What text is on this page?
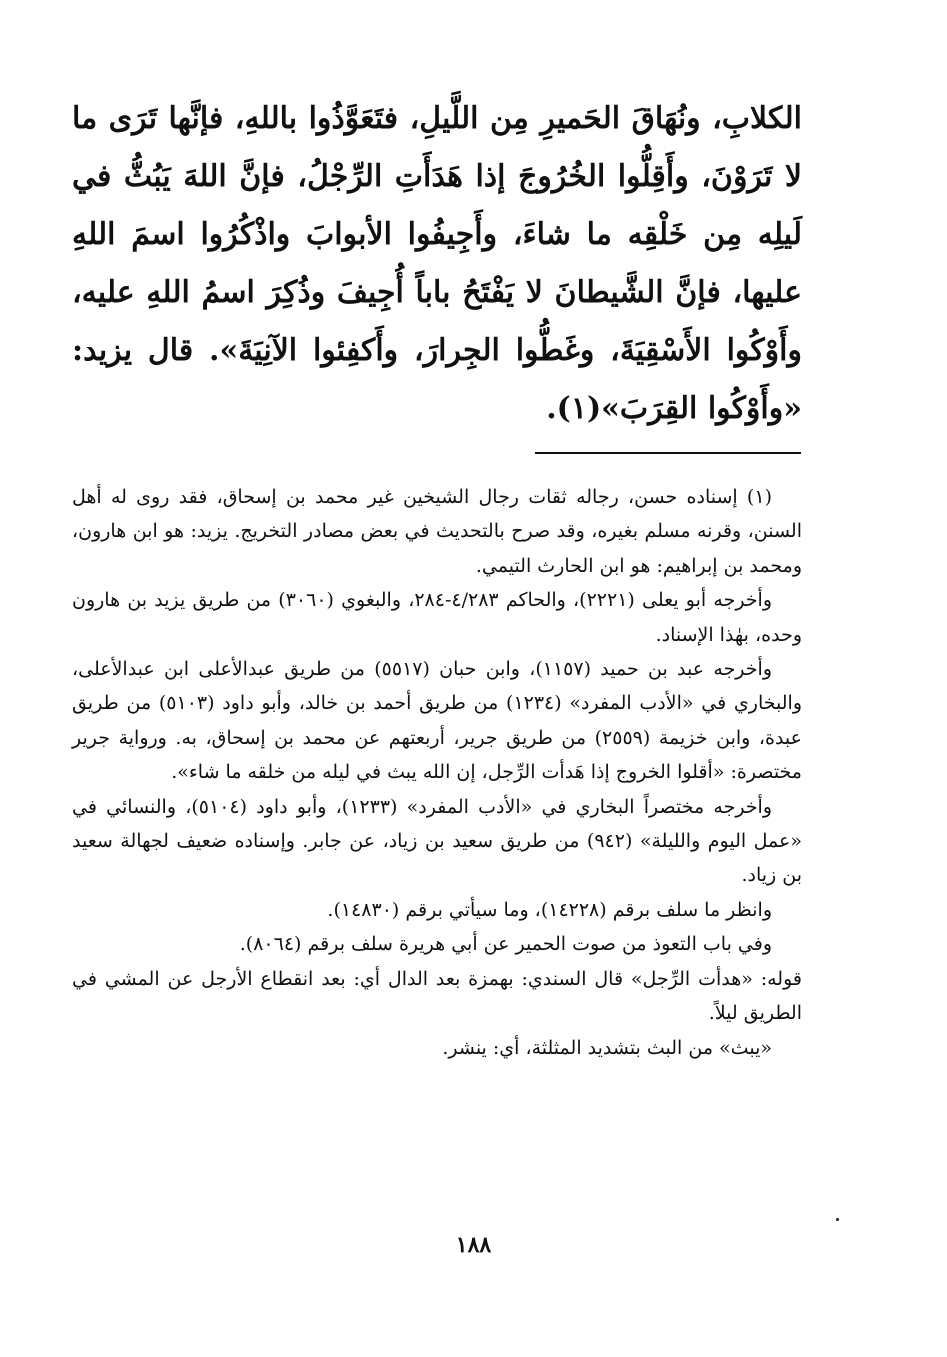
الكلابِ، ونُهَاقَ الحَميرِ مِن اللَّيلِ، فتَعَوَّذُوا باللهِ، فإنَّها تَرَى ما لا تَرَوْنَ، وأَقِلُّوا الخُرُوجَ إذا هَدَأَتِ الرِّجْلُ، فإنَّ اللهَ يَبُثُّ في لَيلِه مِن خَلْقِه ما شاءَ، وأَجِيفُوا الأبوابَ واذْكُرُوا اسمَ اللهِ عليها، فإنَّ الشَّيطانَ لا يَفْتَحُ باباً أُجِيفَ وذُكِرَ اسمُ اللهِ عليه، وأَوْكُوا الأَسْقِيَةَ، وغَطُّوا الجِرارَ، وأَكفِئوا الآنِيَةَ». قال يزيد: «وأَوْكُوا القِرَبَ»(١).

(١) إسناده حسن، رجاله ثقات رجال الشيخين غير محمد بن إسحاق، فقد روى له أهل السنن، وقرنه مسلم بغيره، وقد صرح بالتحديث في بعض مصادر التخريج. يزيد: هو ابن هارون، ومحمد بن إبراهيم: هو ابن الحارث التيمي.

وأخرجه أبو يعلى (٢٢٢١)، والحاكم ٤/٢٨٣-٢٨٤، والبغوي (٣٠٦٠) من طريق يزيد بن هارون وحده، بهٰذا الإسناد.

وأخرجه عبد بن حميد (١١٥٧)، وابن حبان (٥٥١٧) من طريق عبدالأعلى ابن عبدالأعلى، والبخاري في «الأدب المفرد» (١٢٣٤) من طريق أحمد بن خالد، وأبو داود (٥١٠٣) من طريق عبدة، وابن خزيمة (٢٥٥٩) من طريق جرير، أربعتهم عن محمد بن إسحاق، به. ورواية جرير مختصرة: «أقلوا الخروج إذا هَدأت الرِّجل، إن الله يبث في ليله من خلقه ما شاء».

وأخرجه مختصراً البخاري في «الأدب المفرد» (١٢٣٣)، وأبو داود (٥١٠٤)، والنسائي في «عمل اليوم والليلة» (٩٤٢) من طريق سعيد بن زياد، عن جابر. وإسناده ضعيف لجهالة سعيد بن زياد.

وانظر ما سلف برقم (١٤٢٢٨)، وما سيأتي برقم (١٤٨٣٠).

وفي باب التعوذ من صوت الحمير عن أبي هريرة سلف برقم (٨٠٦٤).

قوله: «هدأت الرِّجل» قال السندي: بهمزة بعد الدال أي: بعد انقطاع الأرجل عن المشي في الطريق ليلاً.

«يبث» من البث بتشديد المثلثة، أي: ينشر.

١٨٨
